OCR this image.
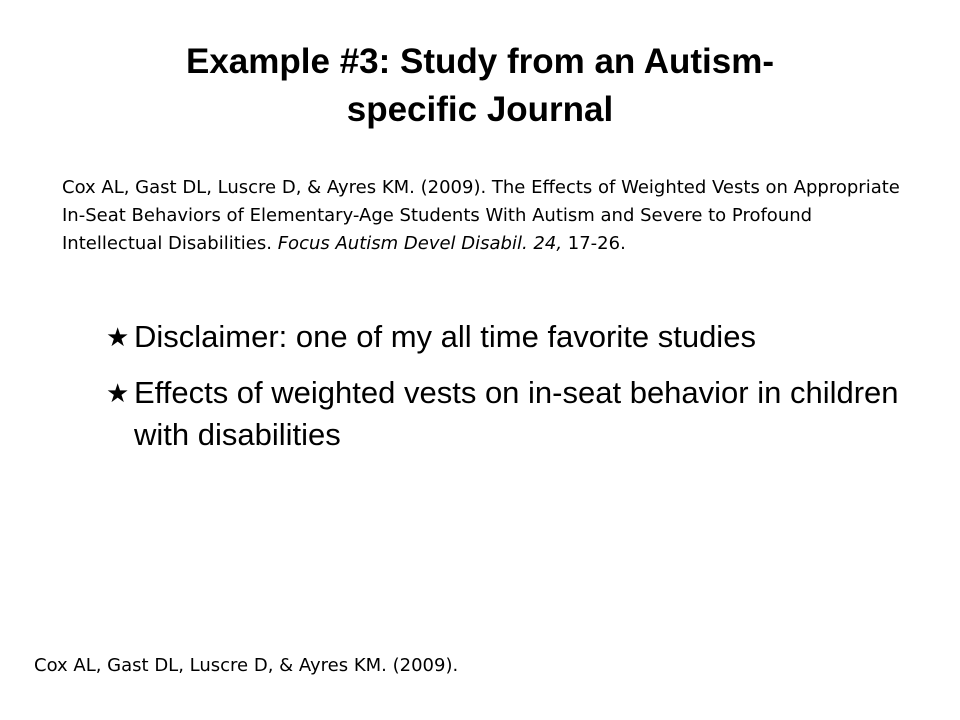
Example #3: Study from an Autism-
specific Journal

Cox AL, Gast DL, Luscre D, & Ayres KM. (2009). The Effects of Weighted Vests on Appropriate In-Seat Behaviors of Elementary-Age Students With Autism and Severe to Profound Intellectual Disabilities. Focus Autism Devel Disabil. 24, 17-26.

★ Disclaimer: one of my all time favorite studies
★ Effects of weighted vests on in-seat behavior in children with disabilities

Cox AL, Gast DL, Luscre D, & Ayres KM. (2009).
